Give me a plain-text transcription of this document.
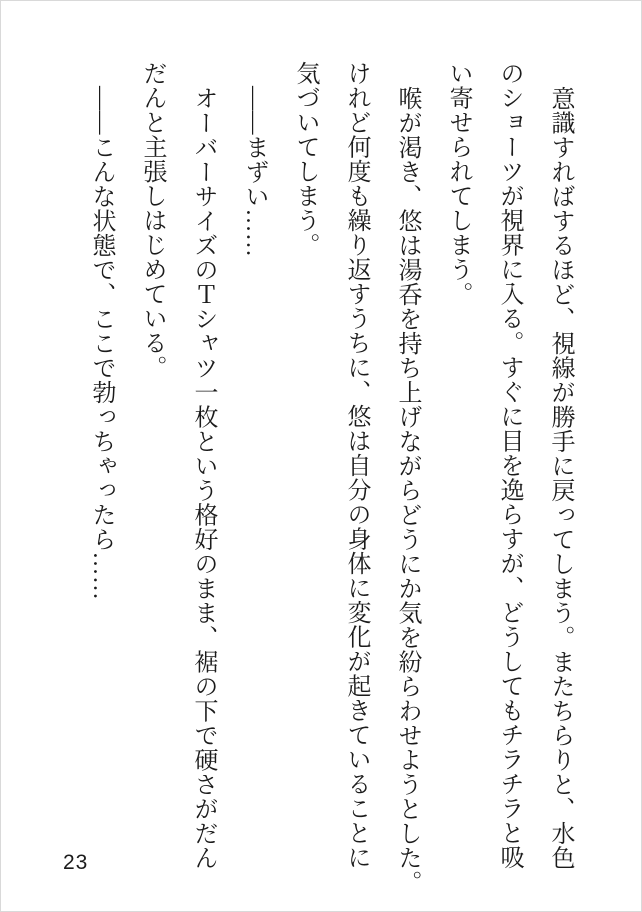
意識すればするほど、視線が勝手に戻ってしまう。またちらりと、水色
のショーツが視界に入る。すぐに目を逸らすが、どうしてもチラチラと吸
い寄せられてしまう。
喉が渇き、悠は湯呑を持ち上げながらどうにか気を紛らわせようとした。
けれど何度も繰り返すうちに、悠は自分の身体に変化が起きていることに
気づいてしまう。
――まずい……
オーバーサイズのＴシャツ一枚という格好のまま、裾の下で硬さがだん
だんと主張しはじめている。
――こんな状態で、ここで勃っちゃったら……
23
